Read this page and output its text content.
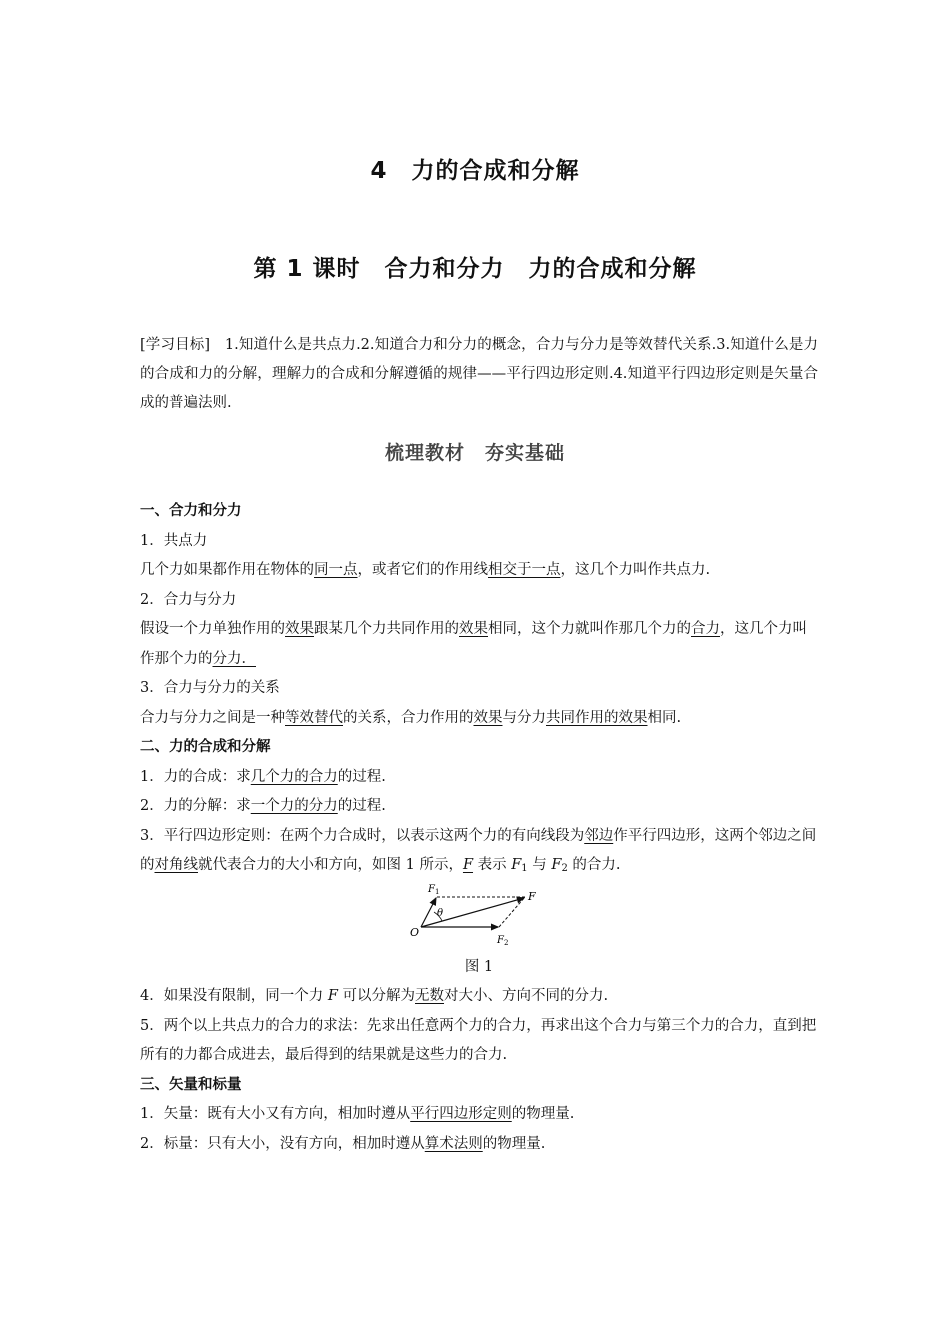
4　力的合成和分解
第 1 课时　合力和分力　力的合成和分解
[学习目标]　1.知道什么是共点力.2.知道合力和分力的概念，合力与分力是等效替代关系.3.知道什么是力的合成和力的分解，理解力的合成和分解遵循的规律——平行四边形定则.4.知道平行四边形定则是矢量合成的普遍法则.
梳理教材　夯实基础

一、合力和分力

1．共点力

几个力如果都作用在物体的同一点，或者它们的作用线相交于一点，这几个力叫作共点力.

2．合力与分力

假设一个力单独作用的效果跟某几个力共同作用的效果相同，这个力就叫作那几个力的合力，这几个力叫作那个力的分力．

3．合力与分力的关系

合力与分力之间是一种等效替代的关系，合力作用的效果与分力共同作用的效果相同.

二、力的合成和分解

1．力的合成：求几个力的合力的过程.

2．力的分解：求一个力的分力的过程.

3．平行四边形定则：在两个力合成时，以表示这两个力的有向线段为邻边作平行四边形，这两个邻边之间的对角线就代表合力的大小和方向，如图 1 所示，F 表示 $F_1$ 与 $F_2$ 的合力.

θ
O
$F_1$	F
$F_2$

图 1

4．如果没有限制，同一个力 F 可以分解为无数对大小、方向不同的分力.

5．两个以上共点力的合力的求法：先求出任意两个力的合力，再求出这个合力与第三个力的合力，直到把所有的力都合成进去，最后得到的结果就是这些力的合力.

三、矢量和标量

1．矢量：既有大小又有方向，相加时遵从平行四边形定则的物理量.

2．标量：只有大小，没有方向，相加时遵从算术法则的物理量.
